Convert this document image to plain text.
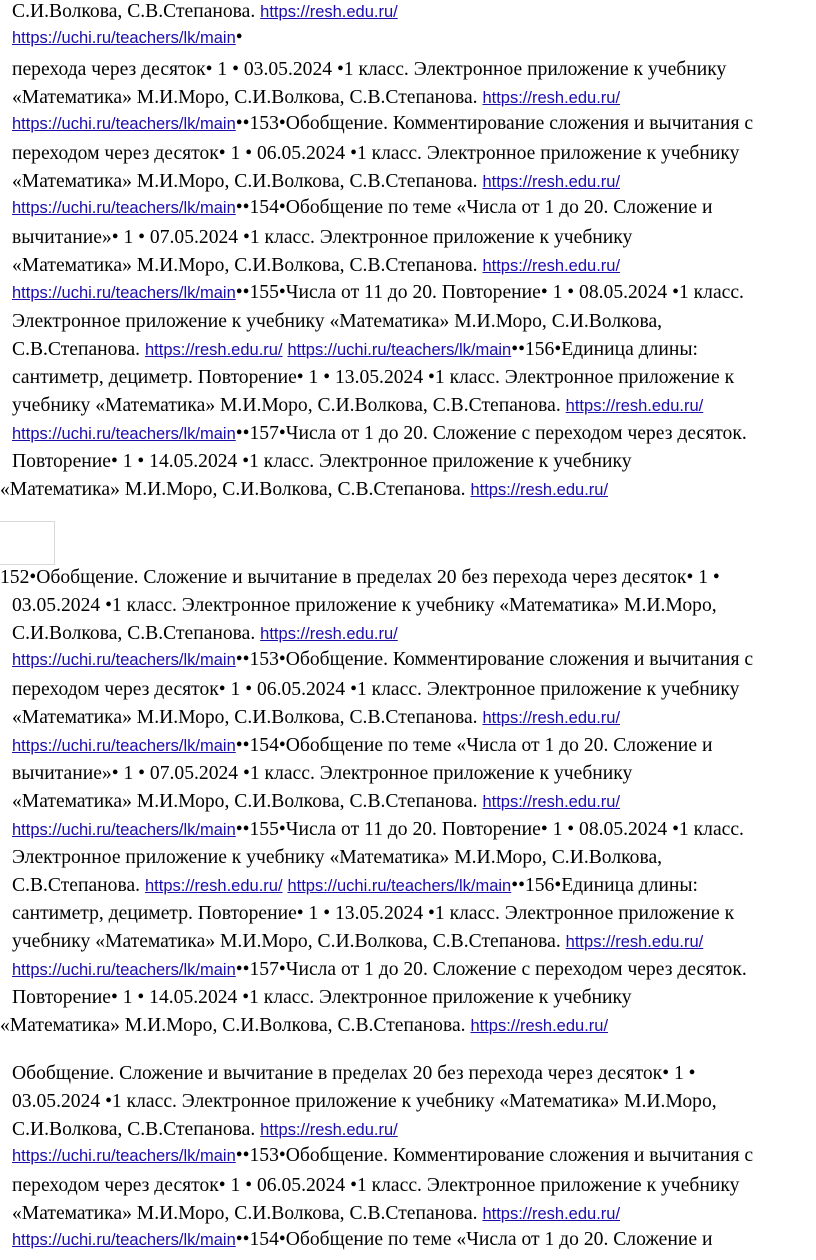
С.И.Волкова, С.В.Степанова. https://resh.edu.ru/
https://uchi.ru/teachers/lk/main•
перехода через десяток• 1 • 03.05.2024 •1 класс. Электронное приложение к учебнику
«Математика» М.И.Моро, С.И.Волкова, С.В.Степанова. https://resh.edu.ru/
https://uchi.ru/teachers/lk/main••153•Обобщение. Комментирование сложения и вычитания с
переходом через десяток• 1 • 06.05.2024 •1 класс. Электронное приложение к учебнику
«Математика» М.И.Моро, С.И.Волкова, С.В.Степанова. https://resh.edu.ru/
https://uchi.ru/teachers/lk/main••154•Обобщение по теме «Числа от 1 до 20. Сложение и
вычитание»• 1 • 07.05.2024 •1 класс. Электронное приложение к учебнику
«Математика» М.И.Моро, С.И.Волкова, С.В.Степанова. https://resh.edu.ru/
https://uchi.ru/teachers/lk/main••155•Числа от 11 до 20. Повторение• 1 • 08.05.2024 •1 класс.
Электронное приложение к учебнику «Математика» М.И.Моро, С.И.Волкова,
С.В.Степанова. https://resh.edu.ru/ https://uchi.ru/teachers/lk/main••156•Единица длины:
сантиметр, дециметр. Повторение• 1 • 13.05.2024 •1 класс. Электронное приложение к
учебнику «Математика» М.И.Моро, С.И.Волкова, С.В.Степанова. https://resh.edu.ru/
https://uchi.ru/teachers/lk/main••157•Числа от 1 до 20. Сложение с переходом через десяток.
Повторение• 1 • 14.05.2024 •1 класс. Электронное приложение к учебнику
«Математика» М.И.Моро, С.И.Волкова, С.В.Степанова. https://resh.edu.ru/
152•Обобщение. Сложение и вычитание в пределах 20 без перехода через десяток• 1 •
03.05.2024 •1 класс. Электронное приложение к учебнику «Математика» М.И.Моро,
С.И.Волкова, С.В.Степанова. https://resh.edu.ru/
https://uchi.ru/teachers/lk/main••153•Обобщение. Комментирование сложения и вычитания с
переходом через десяток• 1 • 06.05.2024 •1 класс. Электронное приложение к учебнику
«Математика» М.И.Моро, С.И.Волкова, С.В.Степанова. https://resh.edu.ru/
https://uchi.ru/teachers/lk/main••154•Обобщение по теме «Числа от 1 до 20. Сложение и
вычитание»• 1 • 07.05.2024 •1 класс. Электронное приложение к учебнику
«Математика» М.И.Моро, С.И.Волкова, С.В.Степанова. https://resh.edu.ru/
https://uchi.ru/teachers/lk/main••155•Числа от 11 до 20. Повторение• 1 • 08.05.2024 •1 класс.
Электронное приложение к учебнику «Математика» М.И.Моро, С.И.Волкова,
С.В.Степанова. https://resh.edu.ru/ https://uchi.ru/teachers/lk/main••156•Единица длины:
сантиметр, дециметр. Повторение• 1 • 13.05.2024 •1 класс. Электронное приложение к
учебнику «Математика» М.И.Моро, С.И.Волкова, С.В.Степанова. https://resh.edu.ru/
https://uchi.ru/teachers/lk/main••157•Числа от 1 до 20. Сложение с переходом через десяток.
Повторение• 1 • 14.05.2024 •1 класс. Электронное приложение к учебнику
«Математика» М.И.Моро, С.И.Волкова, С.В.Степанова. https://resh.edu.ru/
Обобщение. Сложение и вычитание в пределах 20 без перехода через десяток• 1 •
03.05.2024 •1 класс. Электронное приложение к учебнику «Математика» М.И.Моро,
С.И.Волкова, С.В.Степанова. https://resh.edu.ru/
https://uchi.ru/teachers/lk/main••153•Обобщение. Комментирование сложения и вычитания с
переходом через десяток• 1 • 06.05.2024 •1 класс. Электронное приложение к учебнику
«Математика» М.И.Моро, С.И.Волкова, С.В.Степанова. https://resh.edu.ru/
https://uchi.ru/teachers/lk/main••154•Обобщение по теме «Числа от 1 до 20. Сложение и
